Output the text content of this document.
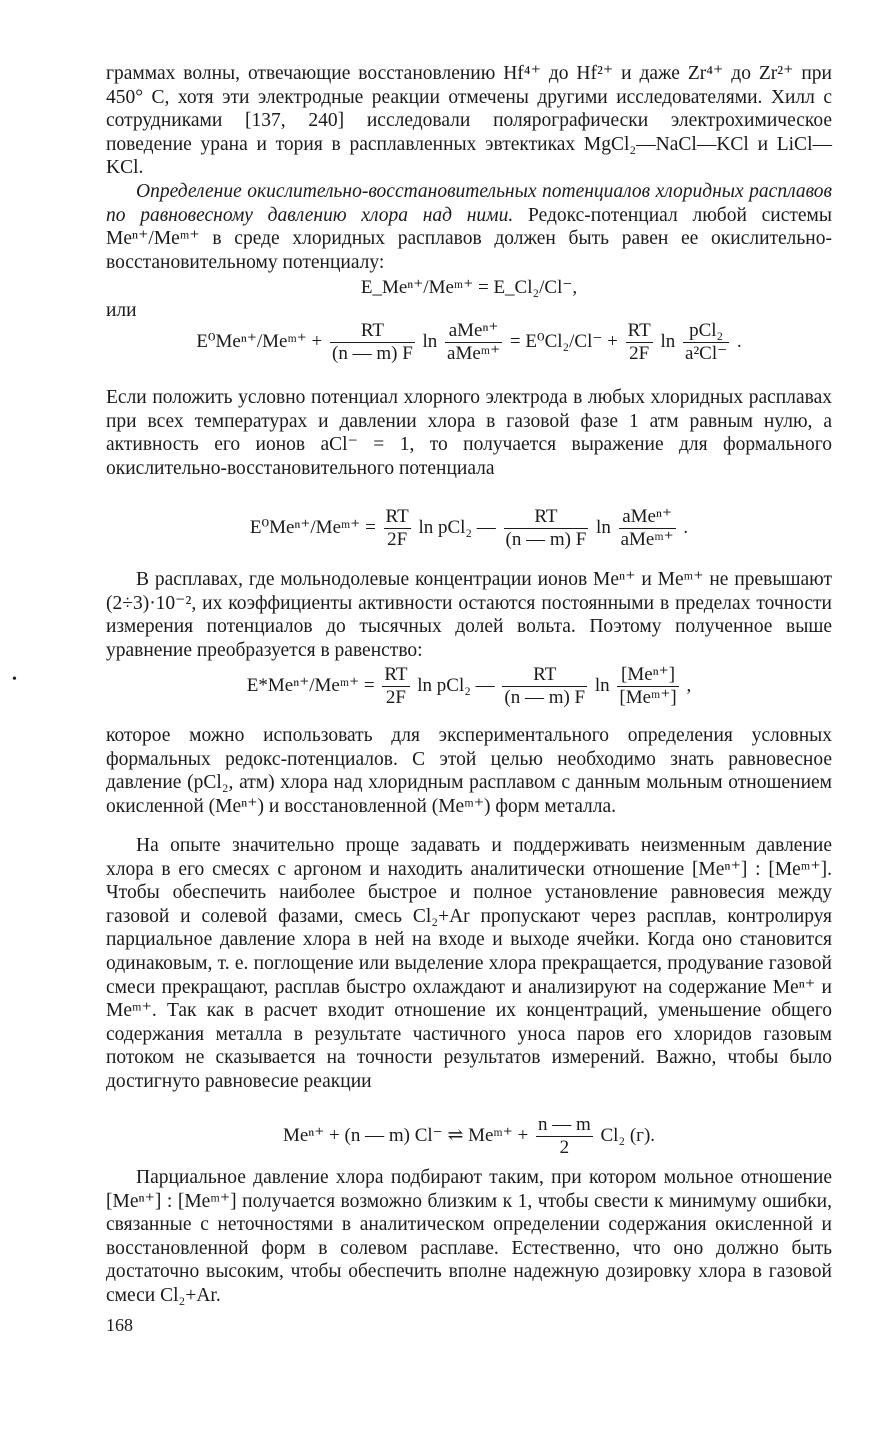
граммах волны, отвечающие восстановлению Hf⁴⁺ до Hf²⁺ и даже Zr⁴⁺ до Zr²⁺ при 450° C, хотя эти электродные реакции отмечены другими исследователями. Хилл с сотрудниками [137, 240] исследовали полярографически электрохимическое поведение урана и тория в расплавленных эвтектиках MgCl₂—NaCl—KCl и LiCl—KCl.

Определение окислительно-восстановительных потенциалов хлоридных расплавов по равновесному давлению хлора над ними. Редокс-потенциал любой системы Meⁿ⁺/Meᵐ⁺ в среде хлоридных расплавов должен быть равен ее окислительно-восстановительному потенциалу:

E_Meⁿ⁺/Meᵐ⁺ = E_Cl₂/Cl⁻,
или
E⁰Meⁿ⁺/Meᵐ⁺ + $\frac{RT}{(n — m) F}$ ln
aMeⁿ⁺
aMeᵐ⁺
= $E^0Cl_2/Cl^- + \frac{RT}{2F}$ ln
pCl₂
a²Cl⁻
.

Если положить условно потенциал хлорного электрода в любых хлоридных расплавах при всех температурах и давлении хлора в газовой фазе 1 атм равным нулю, а активность его ионов aCl⁻ = 1, то получается выражение для формального окислительно-восстановительного потенциала

E⁰Meⁿ⁺/Meᵐ⁺ = $\frac{RT}{2F}$ ln pCl₂ — $\frac{RT}{(n — m) F}$ ln
aMeⁿ⁺
aMeᵐ⁺
.

В расплавах, где мольнодолевые концентрации ионов Meⁿ⁺ и Meᵐ⁺ не превышают (2÷3)·10⁻², их коэффициенты активности остаются постоянными в пределах точности измерения потенциалов до тысячных долей вольта. Поэтому полученное выше уравнение преобразуется в равенство:

E*Meⁿ⁺/Meᵐ⁺ = $\frac{RT}{2F}$ ln pCl₂ — $\frac{RT}{(n — m) F}$ ln
[Meⁿ⁺]
[Meᵐ⁺]
,
•

которое можно использовать для экспериментального определения условных формальных редокс-потенциалов. С этой целью необходимо знать равновесное давление (pCl₂, атм) хлора над хлоридным расплавом с данным мольным отношением окисленной (Meⁿ⁺) и восстановленной (Meᵐ⁺) форм металла.

На опыте значительно проще задавать и поддерживать неизменным давление хлора в его смесях с аргоном и находить аналитически отношение [Meⁿ⁺] : [Meᵐ⁺]. Чтобы обеспечить наиболее быстрое и полное установление равновесия между газовой и солевой фазами, смесь Cl₂+Ar пропускают через расплав, контролируя парциальное давление хлора в ней на входе и выходе ячейки. Когда оно становится одинаковым, т. е. поглощение или выделение хлора прекращается, продувание газовой смеси прекращают, расплав быстро охлаждают и анализируют на содержание Meⁿ⁺ и Meᵐ⁺. Так как в расчет входит отношение их концентраций, уменьшение общего содержания металла в результате частичного уноса паров его хлоридов газовым потоком не сказывается на точности результатов измерений. Важно, чтобы было достигнуто равновесие реакции

Meⁿ⁺ + (n — m) Cl⁻ ⇌ Meᵐ⁺ + $\frac{n — m}{2} Cl_2$ (г).

Парциальное давление хлора подбирают таким, при котором мольное отношение [Meⁿ⁺] : [Meᵐ⁺] получается возможно близким к 1, чтобы свести к минимуму ошибки, связанные с неточностями в аналитическом определении содержания окисленной и восстановленной форм в солевом расплаве. Естественно, что оно должно быть достаточно высоким, чтобы обеспечить вполне надежную дозировку хлора в газовой смеси Cl₂+Ar.

168
